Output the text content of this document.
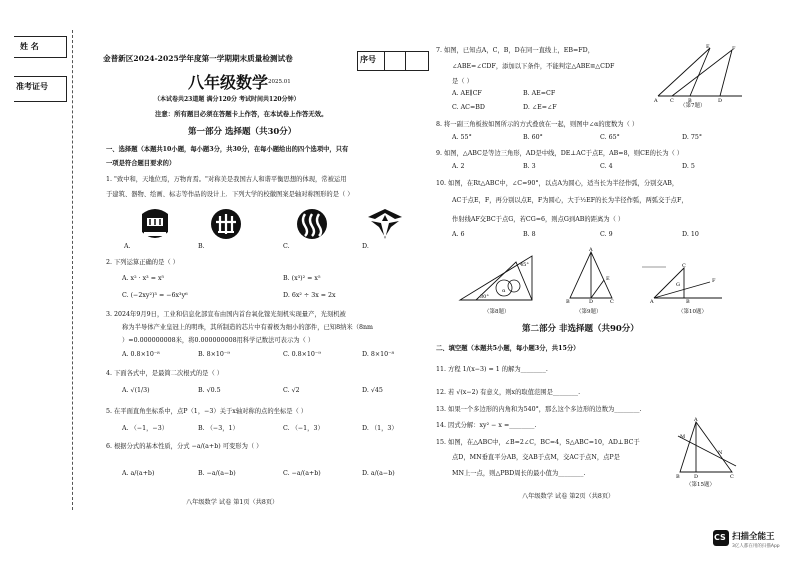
姓 名
准考证号
金普新区2024-2025学年度第一学期期末质量检测试卷	序号
八年级数学 2025.01
（本试卷共23道题 满分120分 考试时间共120分钟）
注意：所有题目必须在答题卡上作答，在本试卷上作答无效。
第一部分 选择题（共30分）
一、选择题（本题共10小题，每小题3分，共30分，在每小题给出的四个选项中，只有
一项是符合题目要求的）
1. "致中和，天地位焉，万物育焉。"对称美是我国古人和谐平衡思想的体现，常被运用
于建筑、器物、绘画、标志等作品的设计上．下列大学的校徽图案是轴对称图形的是（ ）
A.	B.	C.	D.
2. 下列运算正确的是（ ）
A. x² · x³ = x⁵	B. (x³)² = x⁵
C. (−2xy²)³ = −6x³y⁶	D. 6x² ÷ 3x = 2x
3. 2024年9月9日，工业和信息化部宣布由国内首台氧化镓光刻机实现量产，光刻机被
称为半导体产业皇冠上的明珠，其所制造的芯片中有着极为细小的部件，已知8纳米（8nm
）=0.000000008米，将0.000000008用科学记数法可表示为（ ）
A. 0.8×10⁻⁸	B. 8×10⁻⁹	C. 0.8×10⁻⁹	D. 8×10⁻⁸
4. 下面各式中，是最简二次根式的是（ ）
A. √(1/3)	B. √0.5	C. √2	D. √45
5. 在平面直角坐标系中，点P（1，−3）关于x轴对称的点的坐标是（ ）
A. （−1，−3）	B. （−3，1）	C. （−1，3）	D. （1，3）
6. 根据分式的基本性质，分式 −a/(a+b) 可变形为（ ）
A. a/(a+b)	B. −a/(a−b)	C. −a/(a+b)	D. a/(a−b)
八年级数学 试卷 第1页（共8页）
7. 如图，已知点A，C，B，D在同一直线上，EB=FD，
∠ABE=∠CDF，添加以下条件，不能判定△ABE≌△CDF
是（ ）
A. AE∥CF	B. AE=CF
C. AC=BD	D. ∠E=∠F
A C	B	D
E	F
（第7题）
8. 将一副三角板按如图所示的方式叠放在一起，则图中∠α的度数为（ ）
A. 55°	B. 60°	C. 65°	D. 75°
9. 如图，△ABC是等边三角形，AD是中线，DE⊥AC于点E，AB=8，则CE的长为（ ）
A. 2	B. 3	C. 4	D. 5
10. 如图，在Rt△ABC中，∠C=90°，以点A为圆心，适当长为半径作弧，分别交AB，
AC于点E，F，再分别以点E，F为圆心，大于½EF的长为半径作弧，两弧交于点F，
作射线AF交BC于点G，若CG=6，则点G到AB的距离为（ ）
A. 6	B. 8	C. 9	D. 10
45°
30°
α
A
B	D	C
E
A
C
B
F
G
（第8题）	（第9题）	（第10题）
第二部分 非选择题（共90分）
二、填空题（本题共5小题，每小题3分，共15分）
11. 方程 1/(x−3) = 1 的解为________.
12. 若 √(x−2) 有意义，则x的取值范围是________.
13. 如果一个多边形的内角和为540°，那么这个多边形的边数为________.
14. 因式分解：xy² − x =________.
15. 如图，在△ABC中，∠B=2∠C，BC=4，S△ABC=10，AD⊥BC于
点D，MN垂直平分AB，交AB于点M，交AC于点N，点P是
MN上一点，则△PBD周长的最小值为________.
A
B	D	C
M
N
（第15题）
八年级数学 试卷 第2页（共8页）
CS 扫描全能王
3亿人都在用的扫描App
